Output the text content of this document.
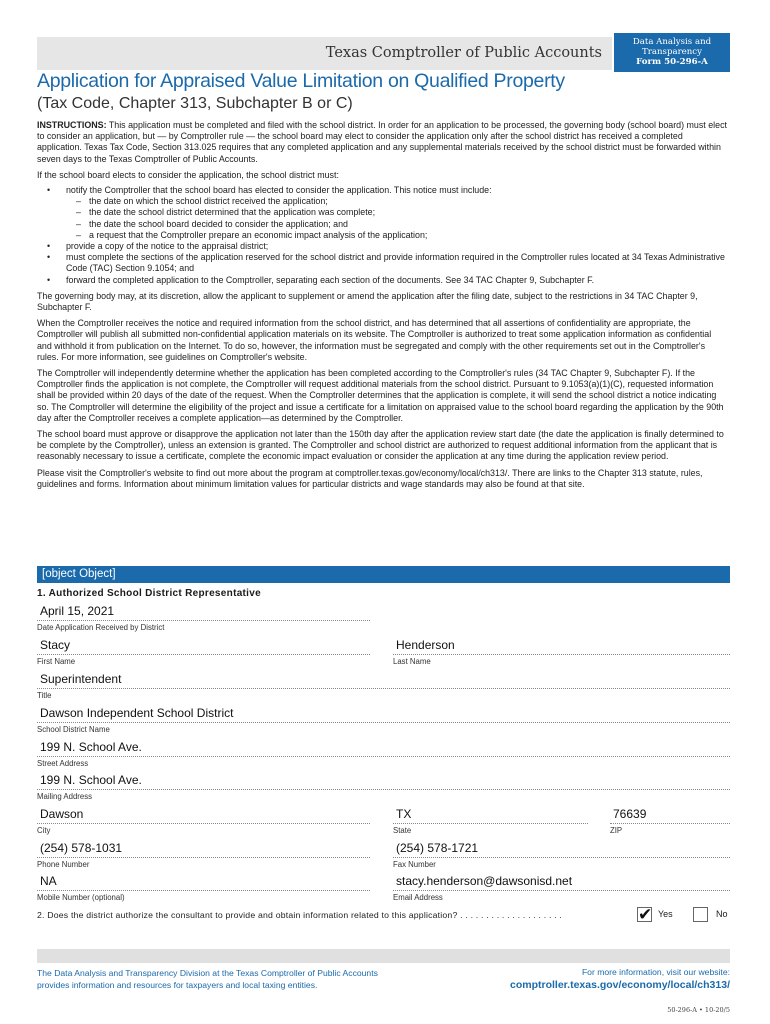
Texas Comptroller of Public Accounts
Data Analysis and
Transparency
Form 50-296-A
Application for Appraised Value Limitation on Qualified Property
(Tax Code, Chapter 313, Subchapter B or C)

INSTRUCTIONS: This application must be completed and filed with the school district. In order for an application to be processed, the governing body (school board) must elect to consider an application, but — by Comptroller rule — the school board may elect to consider the application only after the school district has received a completed application. Texas Tax Code, Section 313.025 requires that any completed application and any supplemental materials received by the school district must be forwarded within seven days to the Texas Comptroller of Public Accounts.

If the school board elects to consider the application, the school district must:

• notify the Comptroller that the school board has elected to consider the application. This notice must include:
– the date on which the school district received the application;
– the date the school district determined that the application was complete;
– the date the school board decided to consider the application; and
– a request that the Comptroller prepare an economic impact analysis of the application;
• provide a copy of the notice to the appraisal district;
• must complete the sections of the application reserved for the school district and provide information required in the Comptroller rules located at 34 Texas Administrative Code (TAC) Section 9.1054; and
• forward the completed application to the Comptroller, separating each section of the documents. See 34 TAC Chapter 9, Subchapter F.

The governing body may, at its discretion, allow the applicant to supplement or amend the application after the filing date, subject to the restrictions in 34 TAC Chapter 9, Subchapter F.

When the Comptroller receives the notice and required information from the school district, and has determined that all assertions of confidentiality are appropriate, the Comptroller will publish all submitted non-confidential application materials on its website. The Comptroller is authorized to treat some application information as confidential and withhold it from publication on the Internet. To do so, however, the information must be segregated and comply with the other requirements set out in the Comptroller's rules. For more information, see guidelines on Comptroller's website.

The Comptroller will independently determine whether the application has been completed according to the Comptroller's rules (34 TAC Chapter 9, Subchapter F). If the Comptroller finds the application is not complete, the Comptroller will request additional materials from the school district. Pursuant to 9.1053(a)(1)(C), requested information shall be provided within 20 days of the date of the request. When the Comptroller determines that the application is complete, it will send the school district a notice indicating so. The Comptroller will determine the eligibility of the project and issue a certificate for a limitation on appraised value to the school board regarding the application by the 90th day after the Comptroller receives a complete application—as determined by the Comptroller.

The school board must approve or disapprove the application not later than the 150th day after the application review start date (the date the application is finally determined to be complete by the Comptroller), unless an extension is granted. The Comptroller and school district are authorized to request additional information from the applicant that is reasonably necessary to issue a certificate, complete the economic impact evaluation or consider the application at any time during the application review period.

Please visit the Comptroller's website to find out more about the program at comptroller.texas.gov/economy/local/ch313/. There are links to the Chapter 313 statute, rules, guidelines and forms. Information about minimum limitation values for particular districts and wage standards may also be found at that site.

[object Object]
1. Authorized School District Representative
April 15, 2021
Date Application Received by District
Stacy
First Name
Henderson
Last Name
Superintendent
Title
Dawson Independent School District
School District Name
199 N. School Ave.
Street Address
199 N. School Ave.
Mailing Address
Dawson
City
TX
State
76639
ZIP
(254) 578-1031
Phone Number
(254) 578-1721
Fax Number
NA
Mobile Number (optional)
stacy.henderson@dawsonisd.net
Email Address
2. Does the district authorize the consultant to provide and obtain information related to this application? . . . . . . . . . . . . . . . . . . . .	✔ Yes	No
The Data Analysis and Transparency Division at the Texas Comptroller of Public Accounts
provides information and resources for taxpayers and local taxing entities.
For more information, visit our website:
comptroller.texas.gov/economy/local/ch313/
50-296-A • 10-20/5
